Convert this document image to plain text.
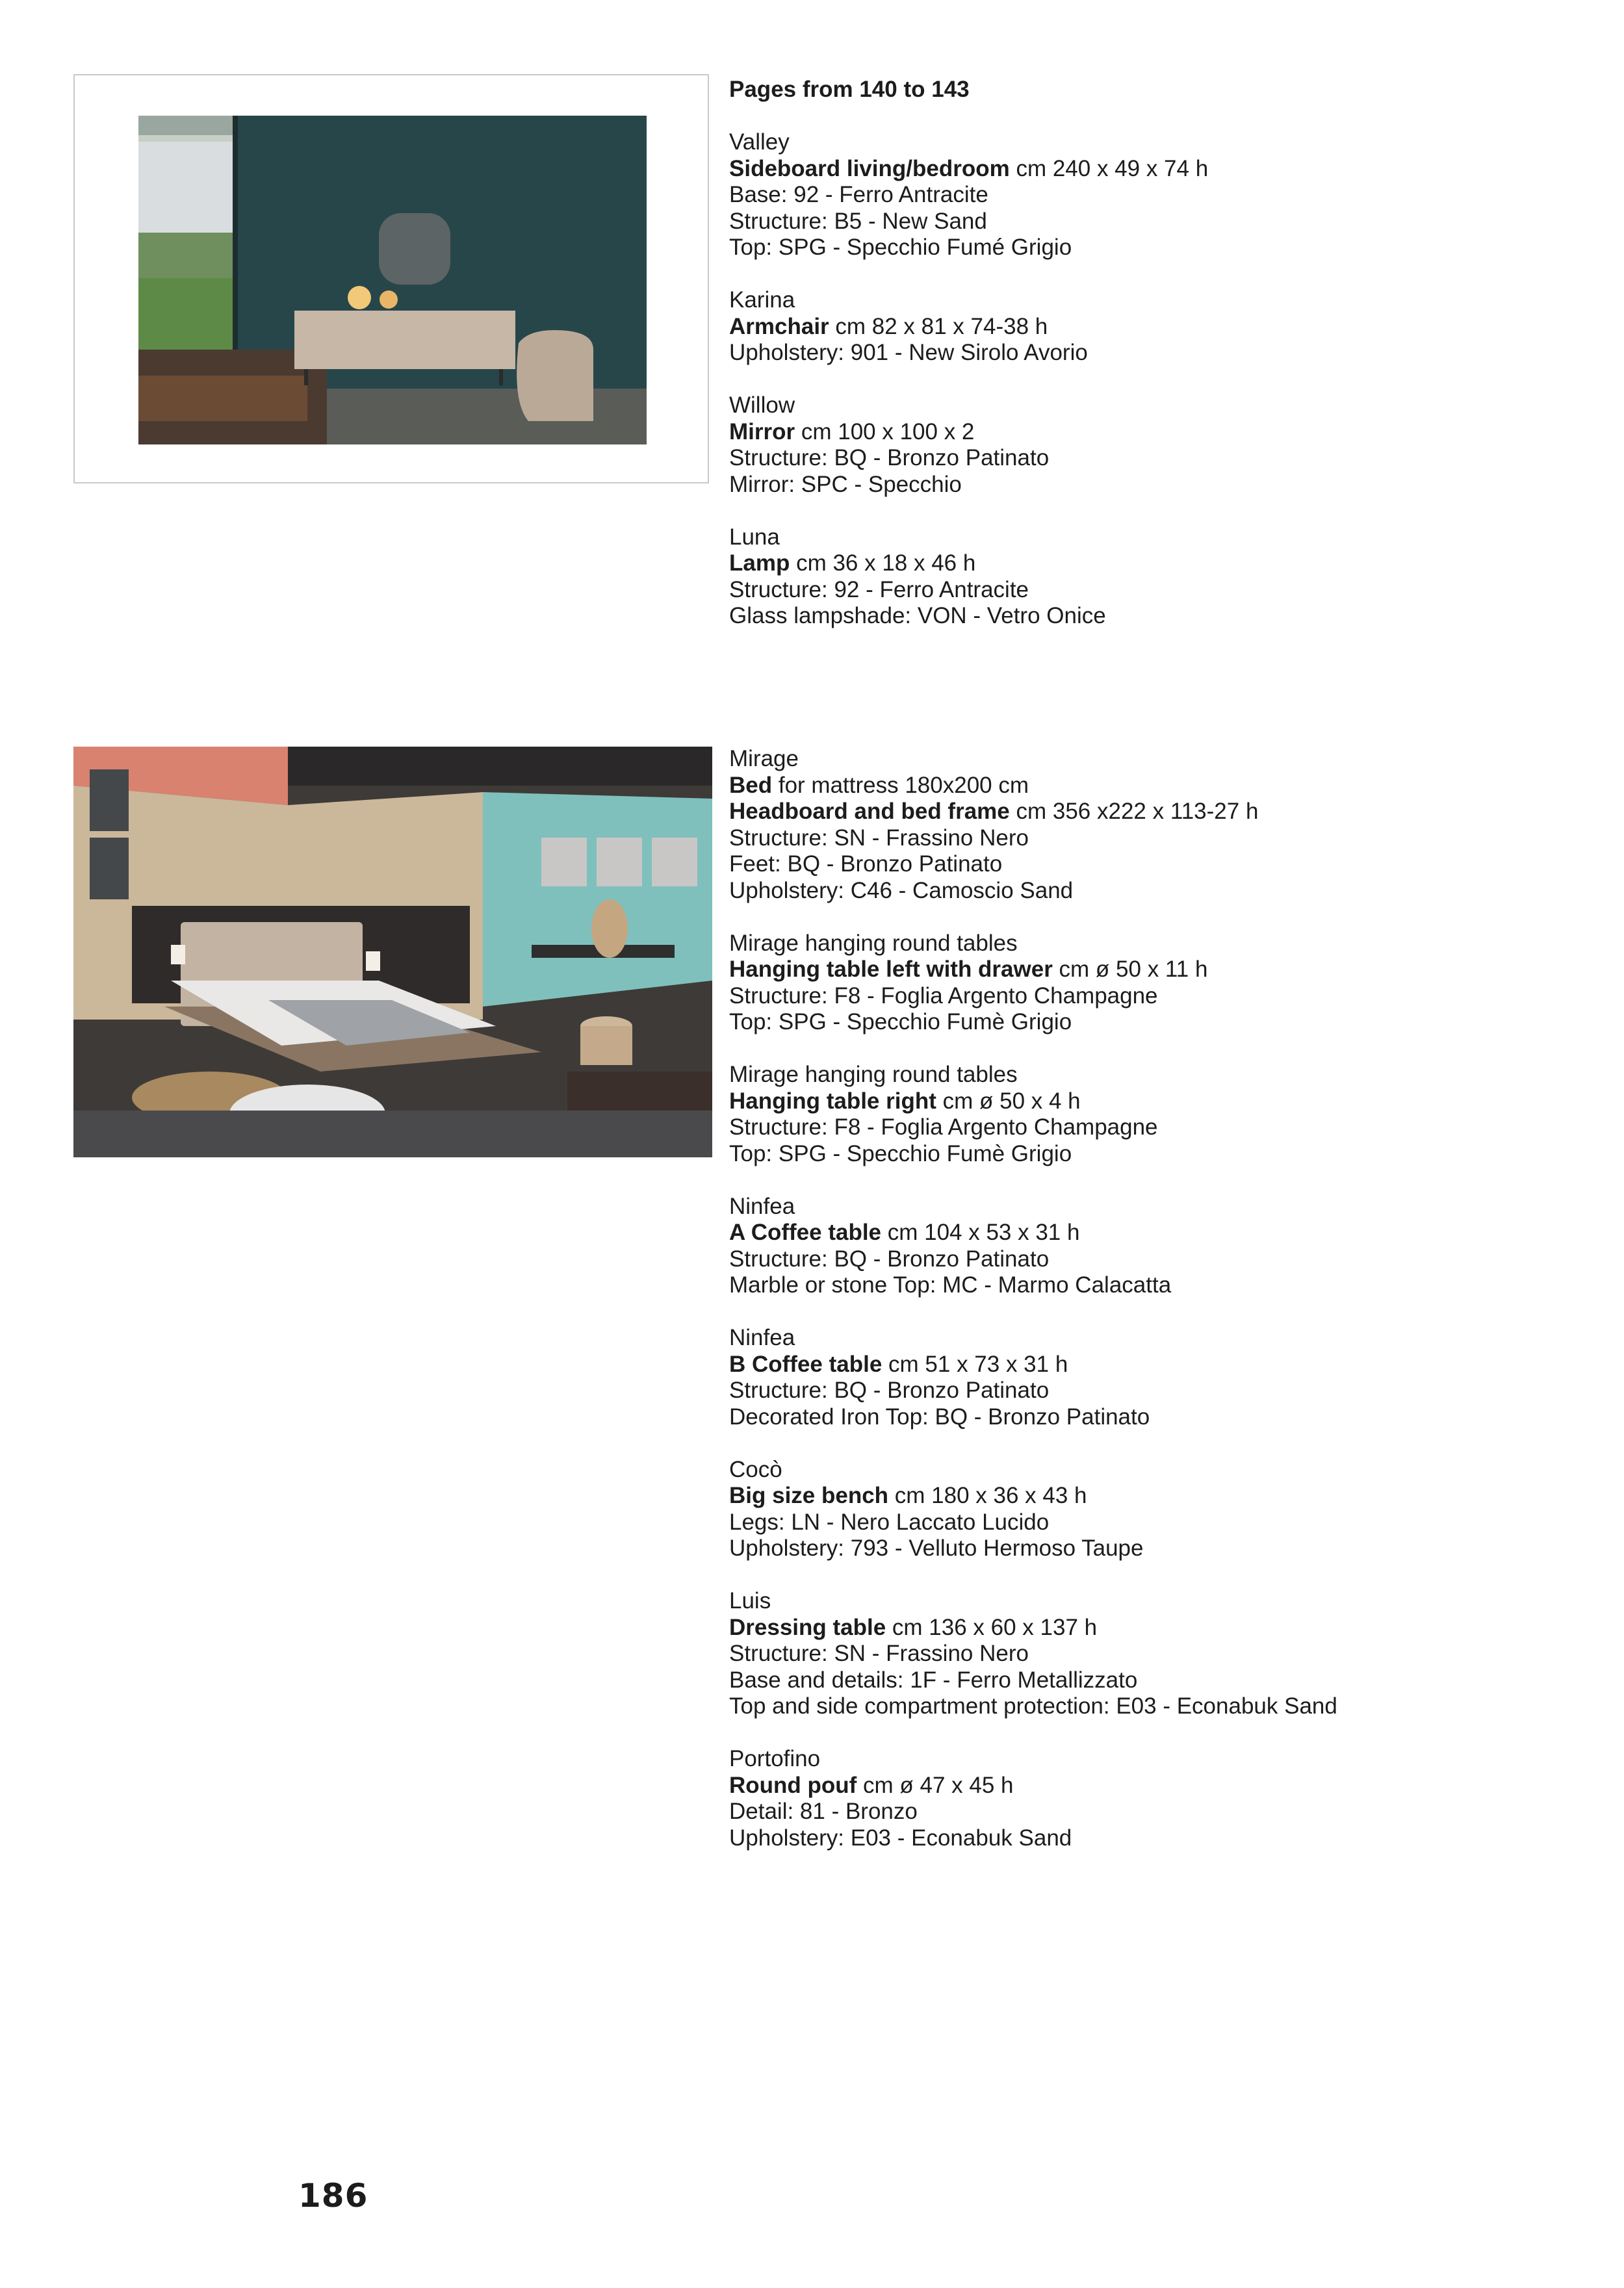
Pages from 140 to 143

Valley

Sideboard living/bedroom cm 240 x 49 x 74 h

Base: 92 - Ferro Antracite

Structure: B5 - New Sand

Top: SPG - Specchio Fumé Grigio

Karina

Armchair cm 82 x 81 x 74-38 h

Upholstery: 901 - New Sirolo Avorio

Willow

Mirror cm 100 x 100 x 2

Structure: BQ - Bronzo Patinato

Mirror: SPC - Specchio

Luna

Lamp cm 36 x 18 x 46 h

Structure: 92 - Ferro Antracite

Glass lampshade: VON - Vetro Onice

Mirage

Bed for mattress 180x200 cm

Headboard and bed frame cm 356 x222 x 113-27 h

Structure: SN - Frassino Nero

Feet: BQ - Bronzo Patinato

Upholstery: C46 - Camoscio Sand

Mirage hanging round tables

Hanging table left with drawer cm ø 50 x 11 h

Structure: F8 - Foglia Argento Champagne

Top: SPG - Specchio Fumè Grigio

Mirage hanging round tables

Hanging table right cm ø 50 x 4 h

Structure: F8 - Foglia Argento Champagne

Top: SPG - Specchio Fumè Grigio

Ninfea

A Coffee table cm 104 x 53 x 31 h

Structure: BQ - Bronzo Patinato

Marble or stone Top: MC - Marmo Calacatta

Ninfea

B Coffee table cm 51 x 73 x 31 h

Structure: BQ - Bronzo Patinato

Decorated Iron Top: BQ - Bronzo Patinato

Cocò

Big size bench cm 180 x 36 x 43 h

Legs: LN - Nero Laccato Lucido

Upholstery: 793 - Velluto Hermoso Taupe

Luis

Dressing table cm 136 x 60 x 137 h

Structure: SN - Frassino Nero

Base and details: 1F - Ferro Metallizzato

Top and side compartment protection: E03 - Econabuk Sand

Portofino

Round pouf cm ø 47 x 45 h

Detail: 81 - Bronzo

Upholstery: E03 - Econabuk Sand

186
